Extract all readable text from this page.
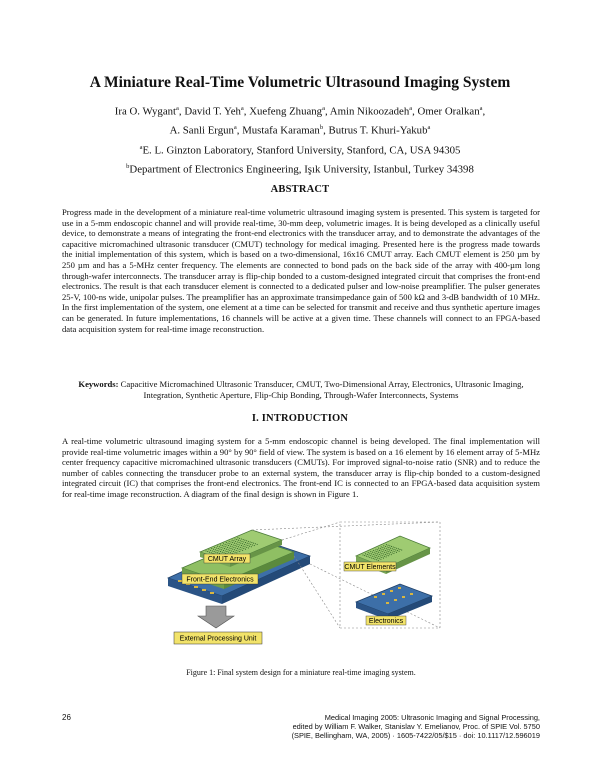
A Miniature Real-Time Volumetric Ultrasound Imaging System
Ira O. Wygant$^a$, David T. Yeh$^a$, Xuefeng Zhuang$^a$, Amin Nikoozadeh$^a$, Omer Oralkan$^a$,
A. Sanli Ergun$^a$, Mustafa Karaman$^b$, Butrus T. Khuri-Yakub$^a$
$^a$E. L. Ginzton Laboratory, Stanford University, Stanford, CA, USA 94305
$^b$Department of Electronics Engineering, Işık University, Istanbul, Turkey 34398
ABSTRACT
Progress made in the development of a miniature real-time volumetric ultrasound imaging system is presented. This system is targeted for use in a 5-mm endoscopic channel and will provide real-time, 30-mm deep, volumetric images. It is being developed as a clinically useful device, to demonstrate a means of integrating the front-end electronics with the transducer array, and to demonstrate the advantages of the capacitive micromachined ultrasonic transducer (CMUT) technology for medical imaging. Presented here is the progress made towards the initial implementation of this system, which is based on a two-dimensional, 16x16 CMUT array. Each CMUT element is 250 µm by 250 µm and has a 5-MHz center frequency. The elements are connected to bond pads on the back side of the array with 400-µm long through-wafer interconnects. The transducer array is flip-chip bonded to a custom-designed integrated circuit that comprises the front-end electronics. The result is that each transducer element is connected to a dedicated pulser and low-noise preamplifier. The pulser generates 25-V, 100-ns wide, unipolar pulses. The preamplifier has an approximate transimpedance gain of 500 kΩ and 3-dB bandwidth of 10 MHz. In the first implementation of the system, one element at a time can be selected for transmit and receive and thus synthetic aperture images can be generated. In future implementations, 16 channels will be active at a given time. These channels will connect to an FPGA-based data acquisition system for real-time image reconstruction.
Keywords: Capacitive Micromachined Ultrasonic Transducer, CMUT, Two-Dimensional Array, Electronics, Ultrasonic Imaging, Integration, Synthetic Aperture, Flip-Chip Bonding, Through-Wafer Interconnects, Systems
I. INTRODUCTION
A real-time volumetric ultrasound imaging system for a 5-mm endoscopic channel is being developed. The final implementation will provide real-time volumetric images within a 90° by 90° field of view. The system is based on a 16 element by 16 element array of 5-MHz center frequency capacitive micromachined ultrasonic transducers (CMUTs). For improved signal-to-noise ratio (SNR) and to reduce the number of cables connecting the transducer probe to an external system, the transducer array is flip-chip bonded to a custom-designed integrated circuit (IC) that comprises the front-end electronics. The front-end IC is connected to an FPGA-based data acquisition system for real-time image reconstruction. A diagram of the final design is shown in Figure 1.
CMUT Array
Front-End Electronics
External Processing Unit
CMUT Elements
Electronics
Figure 1: Final system design for a miniature real-time imaging system.
26	Medical Imaging 2005: Ultrasonic Imaging and Signal Processing,
edited by William F. Walker, Stanislav Y. Emelianov, Proc. of SPIE Vol. 5750
(SPIE, Bellingham, WA, 2005) · 1605-7422/05/$15 · doi: 10.1117/12.596019
